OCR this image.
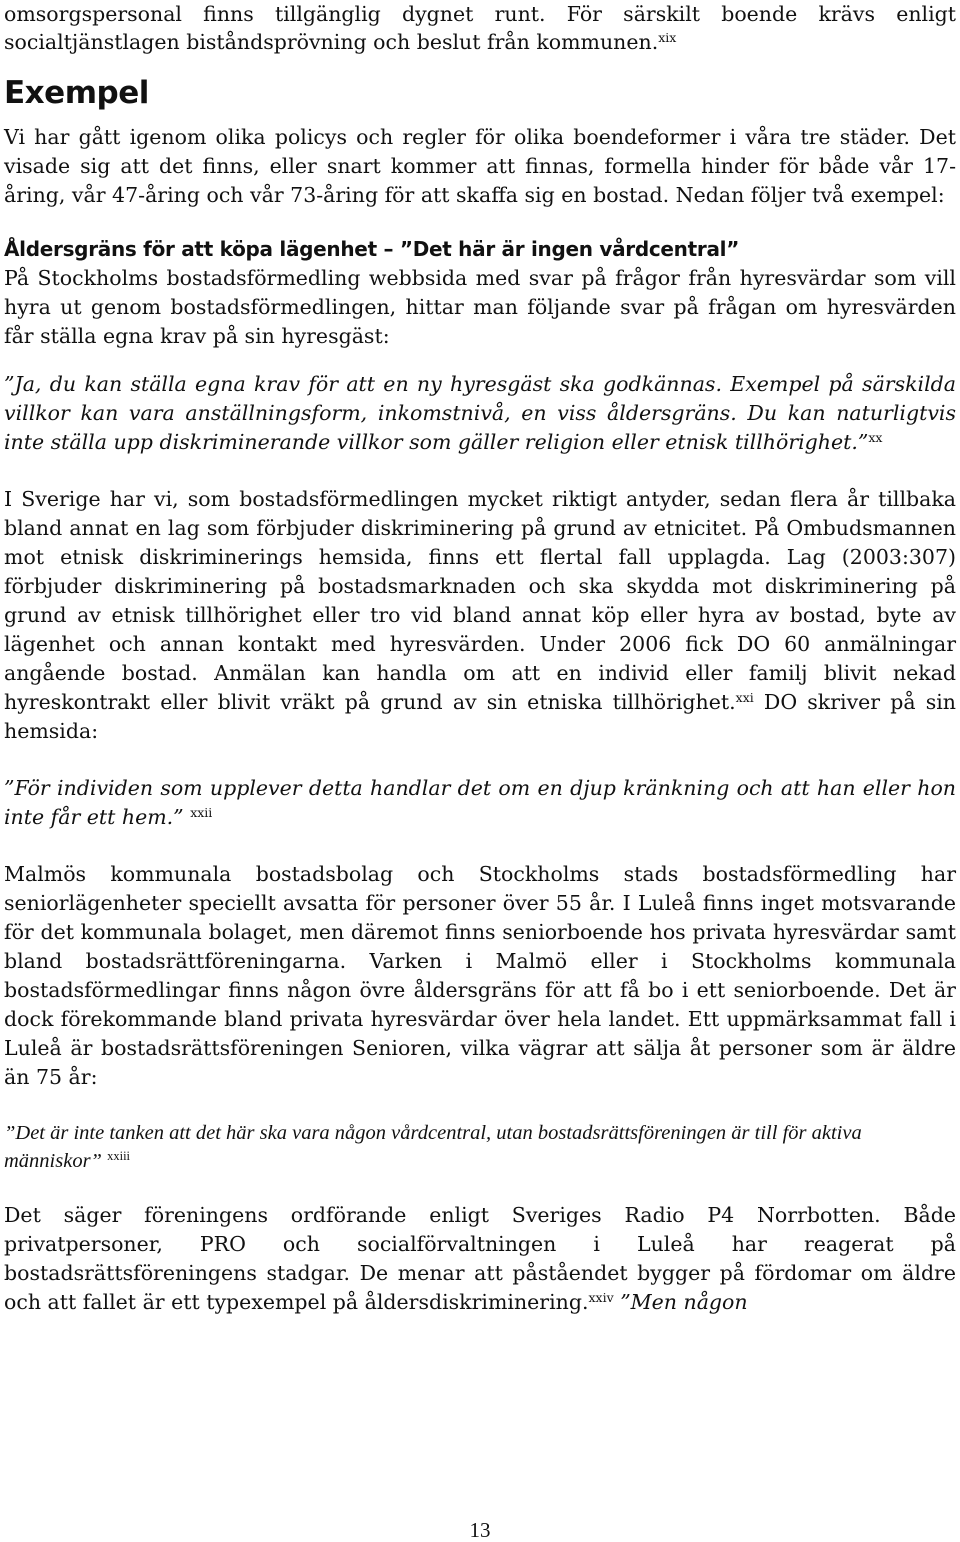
omsorgspersonal finns tillgänglig dygnet runt. För särskilt boende krävs enligt socialtjänstlagen biståndsprövning och beslut från kommunen.$^{xix}$

Exempel

Vi har gått igenom olika policys och regler för olika boendeformer i våra tre städer. Det visade sig att det finns, eller snart kommer att finnas, formella hinder för både vår 17-åring, vår 47-åring och vår 73-åring för att skaffa sig en bostad. Nedan följer två exempel:

Åldersgräns för att köpa lägenhet – ”Det här är ingen vårdcentral”

På Stockholms bostadsförmedling webbsida med svar på frågor från hyresvärdar som vill hyra ut genom bostadsförmedlingen, hittar man följande svar på frågan om hyresvärden får ställa egna krav på sin hyresgäst:

”Ja, du kan ställa egna krav för att en ny hyresgäst ska godkännas. Exempel på särskilda villkor kan vara anställningsform, inkomstnivå, en viss åldersgräns. Du kan naturligtvis inte ställa upp diskriminerande villkor som gäller religion eller etnisk tillhörighet.”$^{xx}$

I Sverige har vi, som bostadsförmedlingen mycket riktigt antyder, sedan flera år tillbaka bland annat en lag som förbjuder diskriminering på grund av etnicitet. På Ombudsmannen mot etnisk diskriminerings hemsida, finns ett flertal fall upplagda. Lag (2003:307) förbjuder diskriminering på bostadsmarknaden och ska skydda mot diskriminering på grund av etnisk tillhörighet eller tro vid bland annat köp eller hyra av bostad, byte av lägenhet och annan kontakt med hyresvärden. Under 2006 fick DO 60 anmälningar angående bostad. Anmälan kan handla om att en individ eller familj blivit nekad hyreskontrakt eller blivit vräkt på grund av sin etniska tillhörighet.$^{xxi}$ DO skriver på sin hemsida:

”För individen som upplever detta handlar det om en djup kränkning och att han eller hon inte får ett hem.” $^{xxii}$

Malmös kommunala bostadsbolag och Stockholms stads bostadsförmedling har seniorlägenheter speciellt avsatta för personer över 55 år. I Luleå finns inget motsvarande för det kommunala bolaget, men däremot finns seniorboende hos privata hyresvärdar samt bland bostadsrättföreningarna. Varken i Malmö eller i Stockholms kommunala bostadsförmedlingar finns någon övre åldersgräns för att få bo i ett seniorboende. Det är dock förekommande bland privata hyresvärdar över hela landet. Ett uppmärksammat fall i Luleå är bostadsrättsföreningen Senioren, vilka vägrar att sälja åt personer som är äldre än 75 år:

”Det är inte tanken att det här ska vara någon vårdcentral, utan bostadsrättsföreningen är till för aktiva människor” $^{xxiii}$

Det säger föreningens ordförande enligt Sveriges Radio P4 Norrbotten. Både privatpersoner, PRO och socialförvaltningen i Luleå har reagerat på bostadsrättsföreningens stadgar. De menar att påståendet bygger på fördomar om äldre och att fallet är ett typexempel på åldersdiskriminering.$^{xxiv}$ ”Men någon

13
